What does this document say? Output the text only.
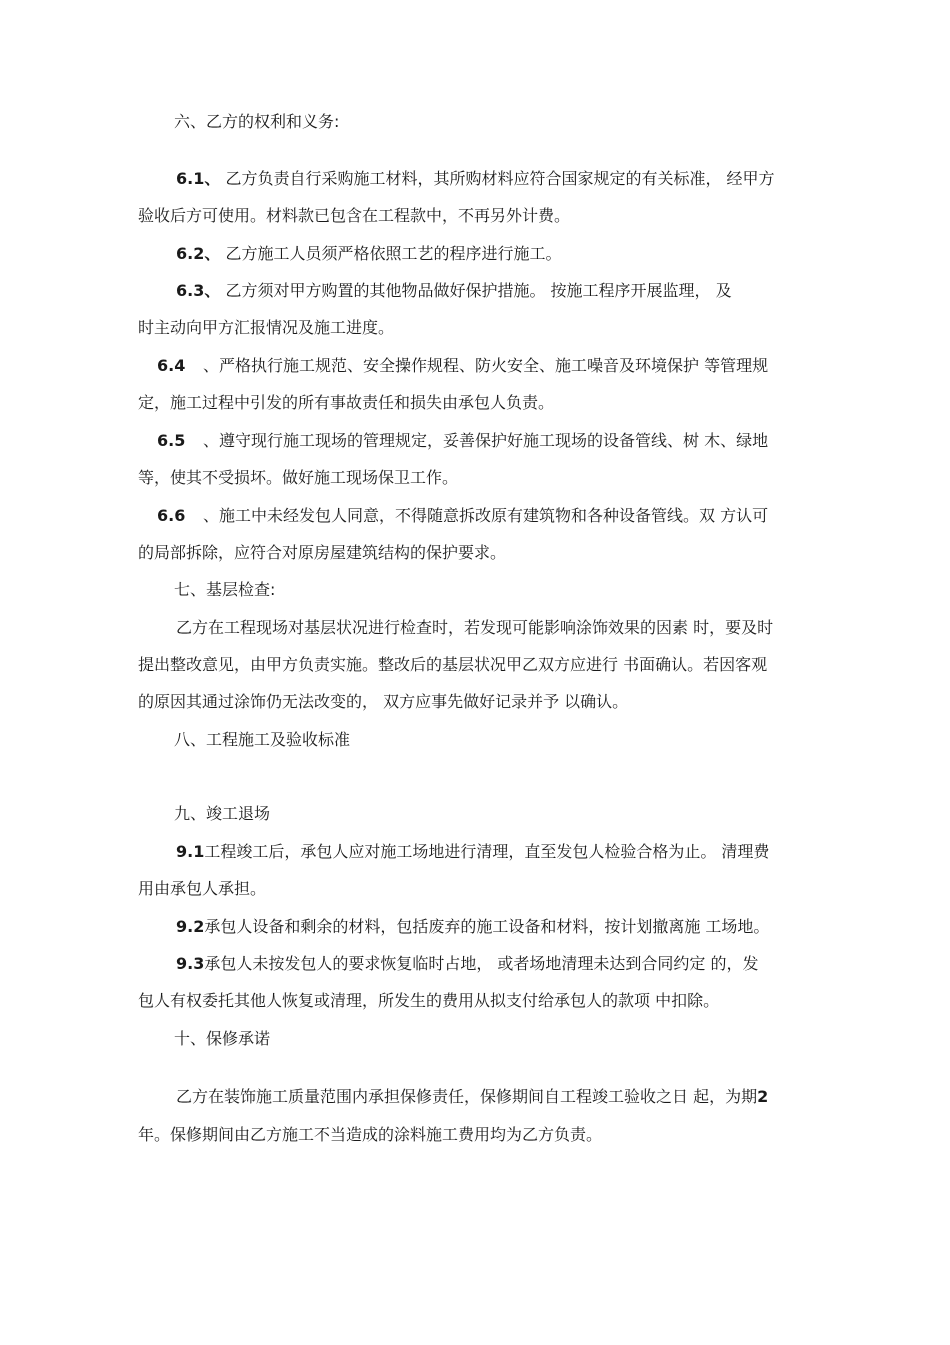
六、乙方的权利和义务:
6.1、 乙方负责自行采购施工材料，其所购材料应符合国家规定的有关标准， 经甲方
验收后方可使用。材料款已包含在工程款中，不再另外计费。
6.2、 乙方施工人员须严格依照工艺的程序进行施工。
6.3、 乙方须对甲方购置的其他物品做好保护措施。 按施工程序开展监理， 及
时主动向甲方汇报情况及施工进度。
6.4 、严格执行施工规范、安全操作规程、防火安全、施工噪音及环境保护 等管理规
定，施工过程中引发的所有事故责任和损失由承包人负责。
6.5 、遵守现行施工现场的管理规定，妥善保护好施工现场的设备管线、树 木、绿地
等，使其不受损坏。做好施工现场保卫工作。
6.6 、施工中未经发包人同意，不得随意拆改原有建筑物和各种设备管线。双 方认可
的局部拆除，应符合对原房屋建筑结构的保护要求。
七、基层检查:
乙方在工程现场对基层状况进行检查时，若发现可能影响涂饰效果的因素 时，要及时
提出整改意见，由甲方负责实施。整改后的基层状况甲乙双方应进行 书面确认。若因客观
的原因其通过涂饰仍无法改变的， 双方应事先做好记录并予 以确认。
八、工程施工及验收标准
九、竣工退场
9.1工程竣工后，承包人应对施工场地进行清理，直至发包人检验合格为止。 清理费
用由承包人承担。
9.2承包人设备和剩余的材料，包括废弃的施工设备和材料，按计划撤离施 工场地。
9.3承包人未按发包人的要求恢复临时占地， 或者场地清理未达到合同约定 的，发
包人有权委托其他人恢复或清理，所发生的费用从拟支付给承包人的款项 中扣除。
十、保修承诺
乙方在装饰施工质量范围内承担保修责任，保修期间自工程竣工验收之日 起，为期2
年。保修期间由乙方施工不当造成的涂料施工费用均为乙方负责。
